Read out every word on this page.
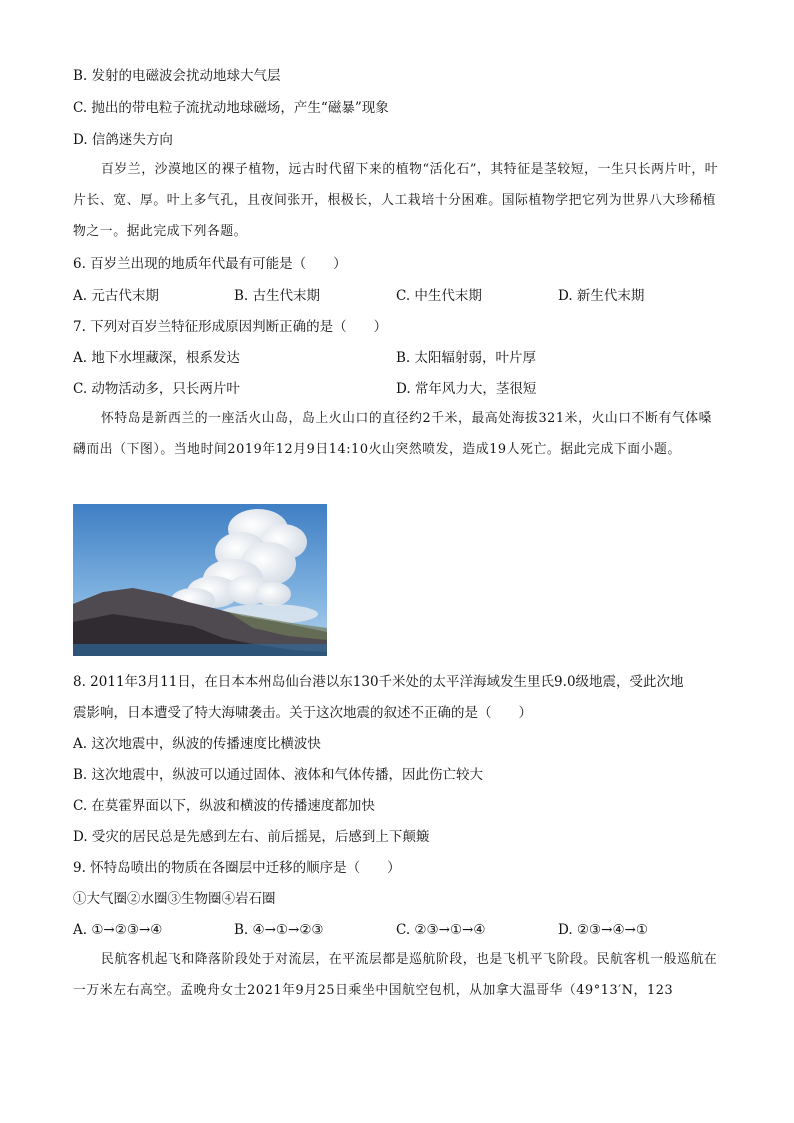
B. 发射的电磁波会扰动地球大气层
C. 抛出的带电粒子流扰动地球磁场，产生“磁暴”现象
D. 信鸽迷失方向
百岁兰，沙漠地区的裸子植物，远古时代留下来的植物“活化石”，其特征是茎较短，一生只长两片叶，叶片长、宽、厚。叶上多气孔，且夜间张开，根极长，人工栽培十分困难。国际植物学把它列为世界八大珍稀植物之一。据此完成下列各题。
6. 百岁兰出现的地质年代最有可能是（　　）
A. 元古代末期	B. 古生代末期	C. 中生代末期	D. 新生代末期
7. 下列对百岁兰特征形成原因判断正确的是（　　）
A. 地下水埋藏深，根系发达	B. 太阳辐射弱，叶片厚
C. 动物活动多，只长两片叶	D. 常年风力大，茎很短
怀特岛是新西兰的一座活火山岛，岛上火山口的直径约2千米，最高处海拔321米，火山口不断有气体嗓礴而出（下图）。当地时间2019年12月9日14:10火山突然喷发，造成19人死亡。据此完成下面小题。
8. 2011年3月11日，在日本本州岛仙台港以东130千米处的太平洋海域发生里氏9.0级地震，受此次地
震影响，日本遭受了特大海啸袭击。关于这次地震的叙述不正确的是（　　）
A. 这次地震中，纵波的传播速度比横波快
B. 这次地震中，纵波可以通过固体、液体和气体传播，因此伤亡较大
C. 在莫霍界面以下，纵波和横波的传播速度都加快
D. 受灾的居民总是先感到左右、前后摇晃，后感到上下颠簸
9. 怀特岛喷出的物质在各圈层中迁移的顺序是（　　）
①大气圈②水圈③生物圈④岩石圈
A. ①→②③→④	B. ④→①→②③	C. ②③→①→④	D. ②③→④→①
民航客机起飞和降落阶段处于对流层，在平流层都是巡航阶段，也是飞机平飞阶段。民航客机一般巡航在一万米左右高空。孟晚舟女士2021年9月25日乘坐中国航空包机，从加拿大温哥华（49°13′N，123
